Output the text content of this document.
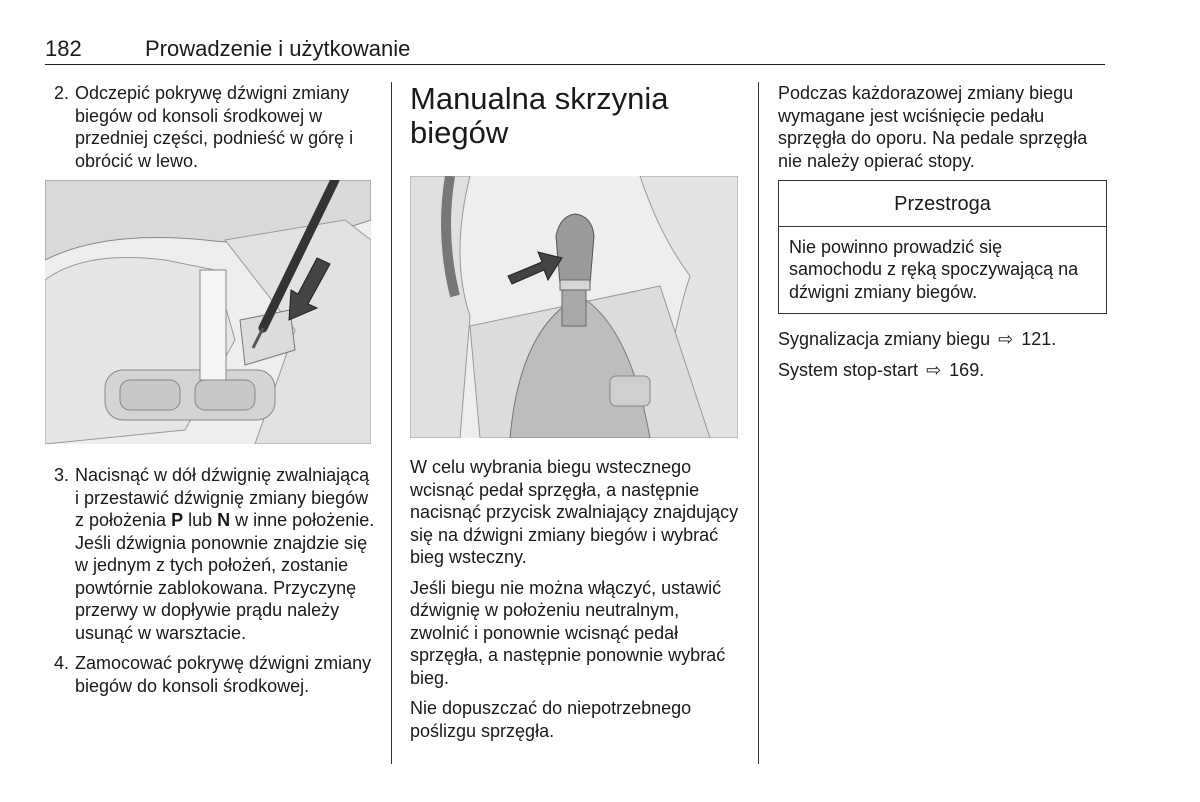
182	Prowadzenie i użytkowanie
2 . Odczepić pokrywę dźwigni zmiany biegów od konsoli środkowej w przedniej części, podnieść w górę i obrócić w lewo.
3 . Nacisnąć w dół dźwignię zwalniającą i przestawić dźwignię zmiany biegów z położenia P lub N w inne położenie. Jeśli dźwignia ponownie znajdzie się w jednym z tych położeń, zostanie powtórnie zablokowana. Przyczynę przerwy w dopływie prądu należy usunąć w warsztacie.
4 . Zamocować pokrywę dźwigni zmiany biegów do konsoli środkowej.
Manualna skrzynia biegów

W celu wybrania biegu wstecznego wcisnąć pedał sprzęgła, a następnie nacisnąć przycisk zwalniający znajdujący się na dźwigni zmiany biegów i wybrać bieg wsteczny.

Jeśli biegu nie można włączyć, ustawić dźwignię w położeniu neutralnym, zwolnić i ponownie wcisnąć pedał sprzęgła, a następnie ponownie wybrać bieg.

Nie dopuszczać do niepotrzebnego poślizgu sprzęgła.

Podczas każdorazowej zmiany biegu wymagane jest wciśnięcie pedału sprzęgła do oporu. Na pedale sprzęgła nie należy opierać stopy.

Przestroga
Nie powinno prowadzić się samochodu z ręką spoczywającą na dźwigni zmiany biegów.

Sygnalizacja zmiany biegu ⇨ 121.

System stop-start ⇨ 169.
